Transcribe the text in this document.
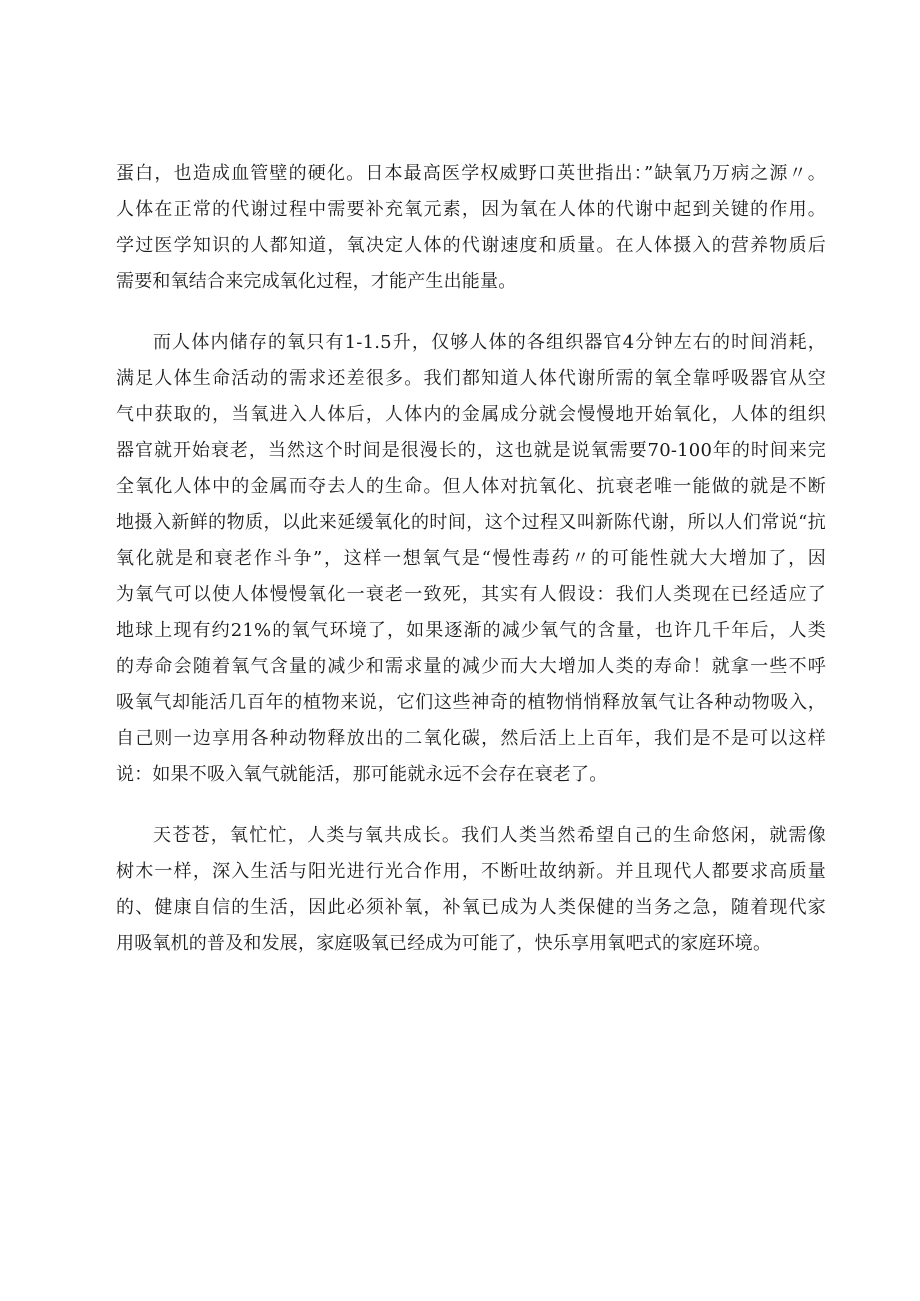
蛋白，也造成血管壁的硬化。日本最高医学权威野口英世指出：”缺氧乃万病之源〃。
人体在正常的代谢过程中需要补充氧元素，因为氧在人体的代谢中起到关键的作用。
学过医学知识的人都知道，氧决定人体的代谢速度和质量。在人体摄入的营养物质后
需要和氧结合来完成氧化过程，才能产生出能量。
而人体内储存的氧只有1-1.5升，仅够人体的各组织器官4分钟左右的时间消耗，
满足人体生命活动的需求还差很多。我们都知道人体代谢所需的氧全靠呼吸器官从空
气中获取的，当氧进入人体后，人体内的金属成分就会慢慢地开始氧化，人体的组织
器官就开始衰老，当然这个时间是很漫长的，这也就是说氧需要70-100年的时间来完
全氧化人体中的金属而夺去人的生命。但人体对抗氧化、抗衰老唯一能做的就是不断
地摄入新鲜的物质，以此来延缓氧化的时间，这个过程又叫新陈代谢，所以人们常说“抗
氧化就是和衰老作斗争”，这样一想氧气是“慢性毒药〃的可能性就大大增加了，因
为氧气可以使人体慢慢氧化一衰老一致死，其实有人假设：我们人类现在已经适应了
地球上现有约21%的氧气环境了，如果逐渐的减少氧气的含量，也许几千年后，人类
的寿命会随着氧气含量的减少和需求量的减少而大大增加人类的寿命！就拿一些不呼
吸氧气却能活几百年的植物来说，它们这些神奇的植物悄悄释放氧气让各种动物吸入，
自己则一边享用各种动物释放出的二氧化碳，然后活上上百年，我们是不是可以这样
说：如果不吸入氧气就能活，那可能就永远不会存在衰老了。
天苍苍，氧忙忙，人类与氧共成长。我们人类当然希望自己的生命悠闲，就需像
树木一样，深入生活与阳光进行光合作用，不断吐故纳新。并且现代人都要求高质量
的、健康自信的生活，因此必须补氧，补氧已成为人类保健的当务之急，随着现代家
用吸氧机的普及和发展，家庭吸氧已经成为可能了，快乐享用氧吧式的家庭环境。
